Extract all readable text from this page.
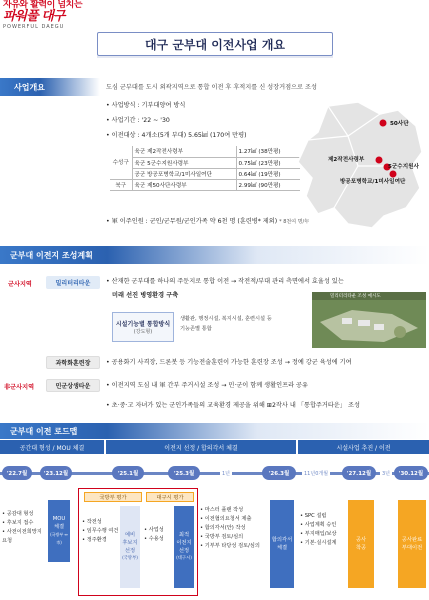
자유와 활력이 넘치는
파워풀 대구
POWERFUL DAEGU
대구 군부대 이전사업 개요
사업개요	도심 군부대를 도시 외곽지역으로 통합 이전 후 후적지를 신 성장거점으로 조성
• 사업방식 : 기부대양여 방식
• 사업기간 : '22 ~ '30
• 이전대상 : 4개소(5개 부대) 5.65㎢ (170여 만평)
수성구	육군 제2작전사령부	1.27㎢ (38만평)
	육군 5군수지원사령부	0.75㎢ (23만평)
	공군 방공포병학교/1미사일여단	0.64㎢ (19만평)
북구	육군 제50사단사령부	2.99㎢ (90만평)
• 軍 이주인원 : 군인/군무원/군인가족 약 6천 명 (훈련병* 제외) * 8천여 명/年
50사단
제2작전사령부
5군수지원사
방공포병학교/1미사일여단
군부대 이전지 조성계획
군사지역	밀리터리타운	• 산재한 군부대를 하나의 주둔지로 통합 이전 → 작전적/부대 관리 측면에서 효율성 있는
미래 선진 병영환경 구축
시설기능별 통합방식
(강도형)
생활관, 행정시설, 복지시설, 훈련시설 등
기능존별 통합
밀리터리타운 조성 예시도
과학화훈련장	• 공용화기 사격장, 드론봇 등 기능전술훈련이 가능한 훈련장 조성 → 정예 강군 육성에 기여
非군사지역	민군상생타운	• 이전지역 도심 내 軍 간부 주거시설 조성 → 민·군이 함께 생활인프라 공유
• 초·중·고 자녀가 있는 군인가족들의 교육환경 제공을 위해 ⊞2작사 내 「통합주거타운」 조성
군부대 이전 로드맵
공간대 형성 / MOU 체결	이전지 선정 / 합의각서 체결	시설사업 추진 / 이전
'22.7월	'23.12월	'25.1월	'25.3월	1년	'26.3월	11년0개월	'27.12월	3년	'30.12월
• 공감대 형성
• 후보지 접수
• 사전이전희망지
요청
MOU
체결
(국방부 ↔ 市)
국방부 평가	대구시 평가
• 작전성
• 임무수행 여건
• 정주환경
예비
후보지
선정
(국방부)
• 사업성
• 수용성
최적
이전지
선정
(대구시)
• 마스터 플랜 작성
• 이전협의요청서 제출
• 합의각서(안) 작성
• 국방부 검토/심의
• 기부부 타당성 검토/심의
합의각서
체결
• SPC 설립
• 사업계획 승인
• 부지매입/보상
• 기본·실시설계	공사
착공
공사완료
부대이전
